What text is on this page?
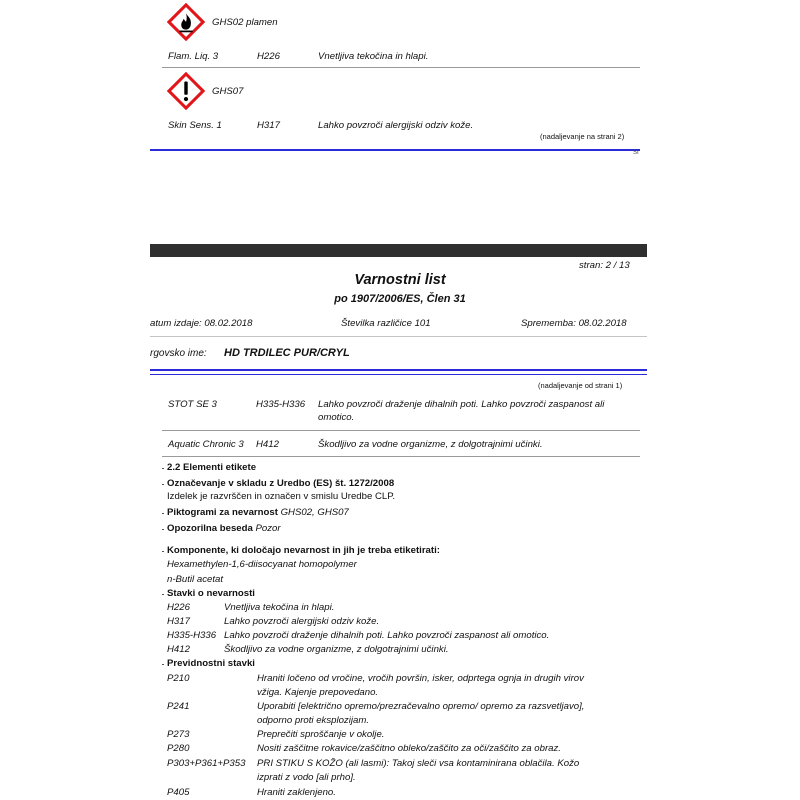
GHS02 plamen
Flam. Liq. 3	H226	Vnetljiva tekočina in hlapi.
GHS07
Skin Sens. 1	H317	Lahko povzroči alergijski odziv kože.
(nadaljevanje na strani 2)
SI
stran: 2 / 13
Varnostni list
po 1907/2006/ES, Člen 31
atum izdaje: 08.02.2018	Številka različice 101	Sprememba: 08.02.2018
rgovsko ime: HD TRDILEC PUR/CRYL
(nadaljevanje od strani 1)
STOT SE 3	H335-H336 Lahko povzroči draženje dihalnih poti. Lahko povzroči zaspanost ali
omotico.
Aquatic Chronic 3 H412	Škodljivo za vodne organizme, z dolgotrajnimi učinki.
2.2 Elementi etikete
Označevanje v skladu z Uredbo (ES) št. 1272/2008
Izdelek je razvrščen in označen v smislu Uredbe CLP.
Piktogrami za nevarnost GHS02, GHS07
Opozorilna beseda Pozor
Komponente, ki določajo nevarnost in jih je treba etiketirati:
Hexamethylen-1,6-diisocyanat homopolymer
n-Butil acetat
Stavki o nevarnosti
H226	Vnetljiva tekočina in hlapi.
H317	Lahko povzroči alergijski odziv kože.
H335-H336 Lahko povzroči draženje dihalnih poti. Lahko povzroči zaspanost ali omotico.
H412	Škodljivo za vodne organizme, z dolgotrajnimi učinki.
Previdnostni stavki
P210	Hraniti ločeno od vročine, vročih površin, isker, odprtega ognja in drugih virov
vžiga. Kajenje prepovedano.
P241	Uporabiti [električno opremo/prezračevalno opremo/ opremo za razsvetljavo],
odporno proti eksplozijam.
P273	Preprečiti sproščanje v okolje.
P280	Nositi zaščitne rokavice/zaščitno obleko/zaščito za oči/zaščito za obraz.
P303+P361+P353 PRI STIKU S KOŽO (ali lasmi): Takoj sleči vsa kontaminirana oblačila. Kožo
izprati z vodo [ali prho].
P405	Hraniti zaklenjeno.
